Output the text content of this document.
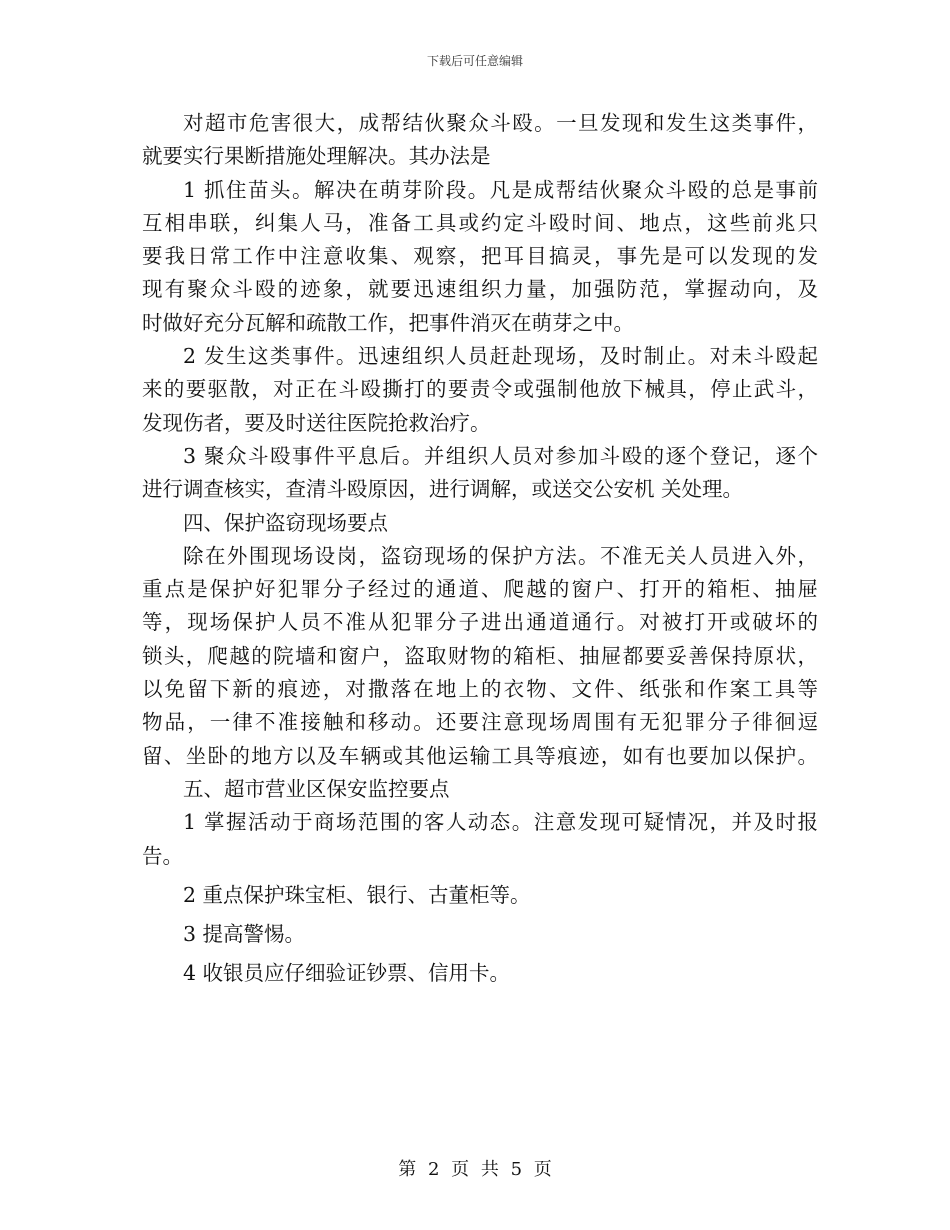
下载后可任意编辑
对超市危害很大，成帮结伙聚众斗殴。一旦发现和发生这类事件，
就要实行果断措施处理解决。其办法是
1 抓住苗头。解决在萌芽阶段。凡是成帮结伙聚众斗殴的总是事前
互相串联，纠集人马，准备工具或约定斗殴时间、地点，这些前兆只
要我日常工作中注意收集、观察，把耳目搞灵，事先是可以发现的发
现有聚众斗殴的迹象，就要迅速组织力量，加强防范，掌握动向，及
时做好充分瓦解和疏散工作，把事件消灭在萌芽之中。
2 发生这类事件。迅速组织人员赶赴现场，及时制止。对未斗殴起
来的要驱散，对正在斗殴撕打的要责令或强制他放下械具，停止武斗，
发现伤者，要及时送往医院抢救治疗。
3 聚众斗殴事件平息后。并组织人员对参加斗殴的逐个登记，逐个
进行调查核实，查清斗殴原因，进行调解，或送交公安机 关处理。
四、保护盗窃现场要点
除在外围现场设岗，盗窃现场的保护方法。不准无关人员进入外，
重点是保护好犯罪分子经过的通道、爬越的窗户、打开的箱柜、抽屉
等，现场保护人员不准从犯罪分子进出通道通行。对被打开或破坏的
锁头，爬越的院墙和窗户，盗取财物的箱柜、抽屉都要妥善保持原状，
以免留下新的痕迹，对撒落在地上的衣物、文件、纸张和作案工具等
物品，一律不准接触和移动。还要注意现场周围有无犯罪分子徘徊逗
留、坐卧的地方以及车辆或其他运输工具等痕迹，如有也要加以保护。
五、超市营业区保安监控要点
1 掌握活动于商场范围的客人动态。注意发现可疑情况，并及时报
告。
2 重点保护珠宝柜、银行、古董柜等。
3 提高警惕。
4 收银员应仔细验证钞票、信用卡。
第 2 页 共 5 页
